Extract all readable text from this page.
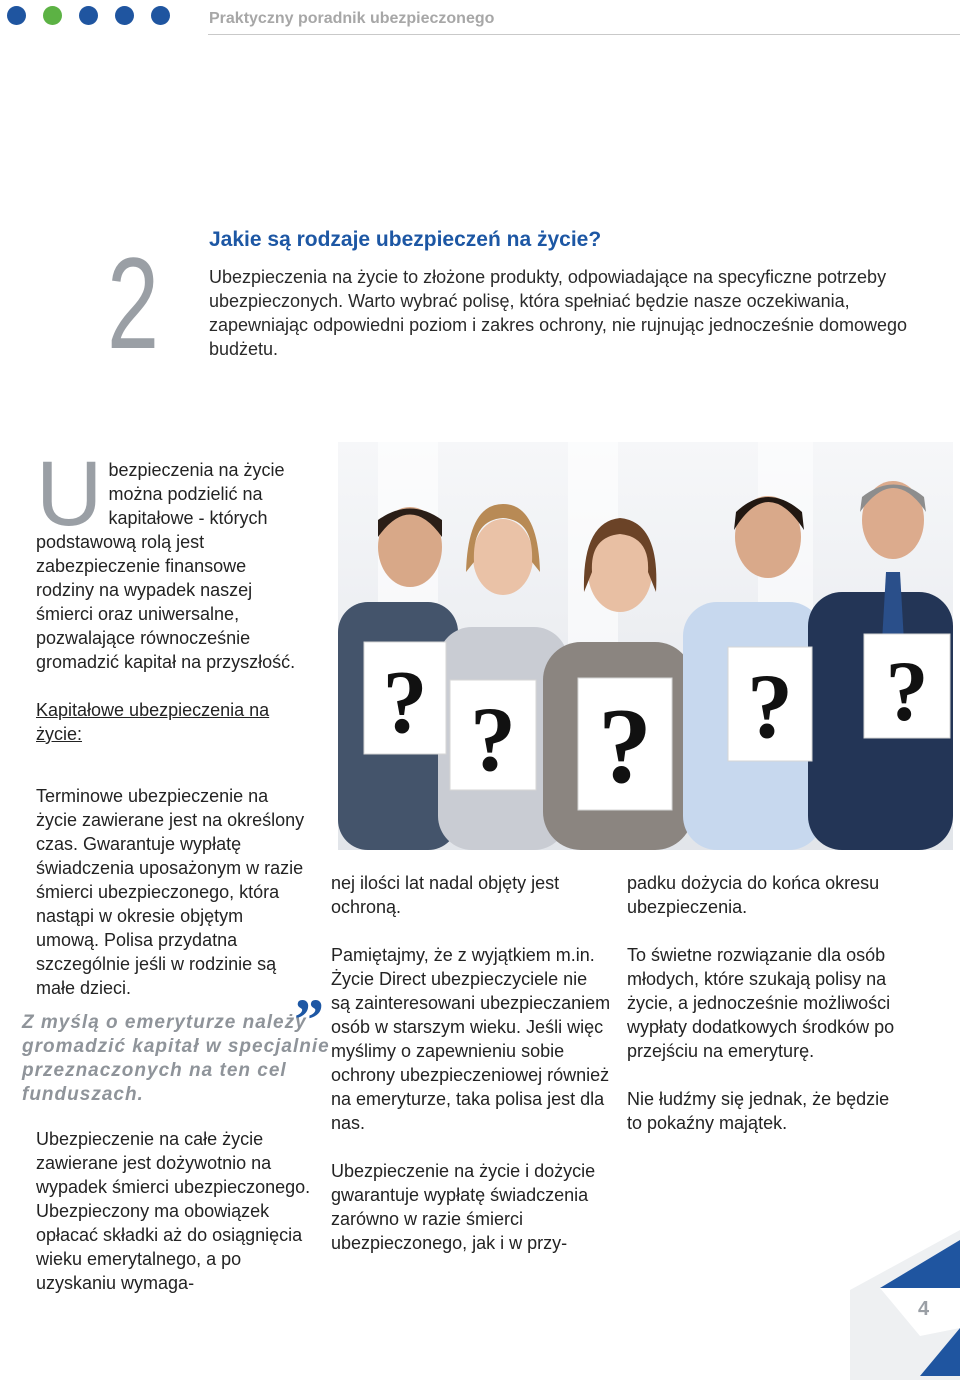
Praktyczny poradnik ubezpieczonego
2 Jakie są rodzaje ubezpieczeń na życie?
Ubezpieczenia na życie to złożone produkty, odpowiadające na specyficzne potrzeby ubezpieczonych. Warto wybrać polisę, która spełniać będzie nasze oczekiwania, zapewniając odpowiedni poziom i zakres ochrony, nie rujnując jednocześnie domowego budżetu.

U bezpieczenia na życie można podzielić na kapitałowe - których podstawową rolą jest zabezpieczenie finansowe rodziny na wypadek naszej śmierci oraz uniwersalne, pozwalające równocześnie gromadzić kapitał na przyszłość.

Kapitałowe ubezpieczenia na życie:

Terminowe ubezpieczenie na życie zawierane jest na określony czas. Gwarantuje wypłatę świadczenia uposażonym w razie śmierci ubezpieczonego, która nastąpi w okresie objętym umową. Polisa przydatna szczególnie jeśli w rodzinie są małe dzieci.	”
Z myślą o emeryturze należy gromadzić kapitał w specjalnie przeznaczonych na ten cel funduszach.

Ubezpieczenie na całe życie zawierane jest dożywotnio na wypadek śmierci ubezpieczonego. Ubezpieczony ma obowiązek opłacać składki aż do osiągnięcia wieku emerytalnego, a po uzyskaniu wymaga-

nej ilości lat nadal objęty jest ochroną.

Pamiętajmy, że z wyjątkiem m.in. Życie Direct ubezpieczyciele nie są zainteresowani ubezpieczaniem osób w starszym wieku. Jeśli więc myślimy o zapewnieniu sobie ochrony ubezpieczeniowej również na emeryturze, taka polisa jest dla nas.

Ubezpieczenie na życie i dożycie gwarantuje wypłatę świadczenia zarówno w razie śmierci ubezpieczonego, jak i w przy-

padku dożycia do końca okresu ubezpieczenia.

To świetne rozwiązanie dla osób młodych, które szukają polisy na życie, a jednocześnie możliwości wypłaty dodatkowych środków po przejściu na emeryturę.

Nie łudźmy się jednak, że będzie to pokaźny majątek.

? ? ? ? ?
4
